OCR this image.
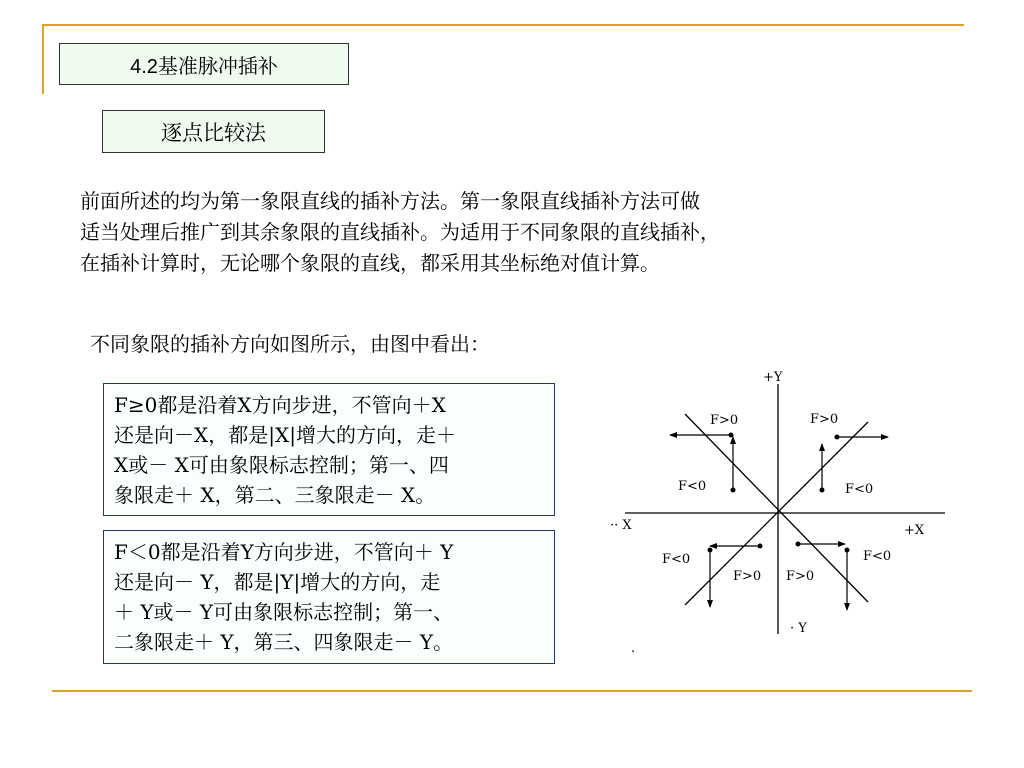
4.2基准脉冲插补
逐点比较法
前面所述的均为第一象限直线的插补方法。第一象限直线插补方法可做
适当处理后推广到其余象限的直线插补。为适用于不同象限的直线插补，
在插补计算时，无论哪个象限的直线，都采用其坐标绝对值计算。
不同象限的插补方向如图所示，由图中看出：
F≥0都是沿着X方向步进，不管向＋X
还是向－X，都是|X|增大的方向，走＋
X或－ X可由象限标志控制；第一、四
象限走＋ X，第二、三象限走－ X。
F＜0都是沿着Y方向步进，不管向＋ Y
还是向－ Y，都是|Y|增大的方向，走
＋ Y或－ Y可由象限标志控制；第一、
二象限走＋ Y，第三、四象限走－ Y。
+Y
· Y
+X
·· X
F>0	F>0
F<0	F<0
F<0	F<0
F>0 F>0
.
